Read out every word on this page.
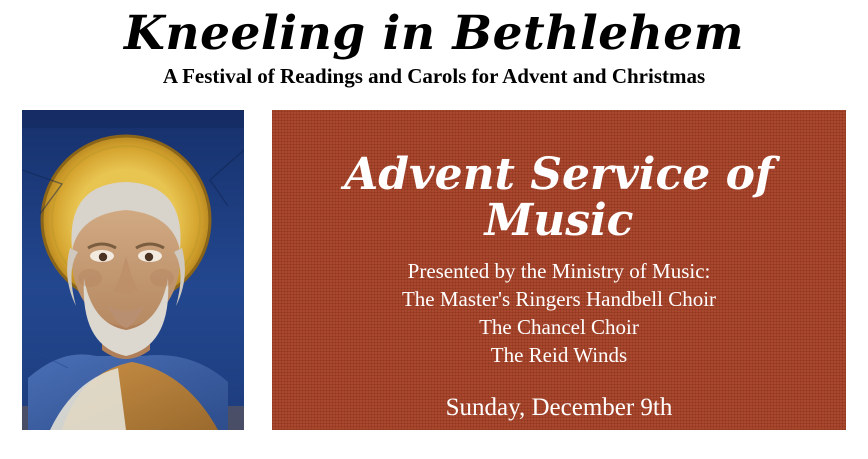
Kneeling in Bethlehem

A Festival of Readings and Carols for Advent and Christmas

Advent Service of Music

Presented by the Ministry of Music:

The Master's Ringers Handbell Choir
The Chancel Choir
The Reid Winds
Sunday, December 9th
Prelude begins at 4:30 p.m.
